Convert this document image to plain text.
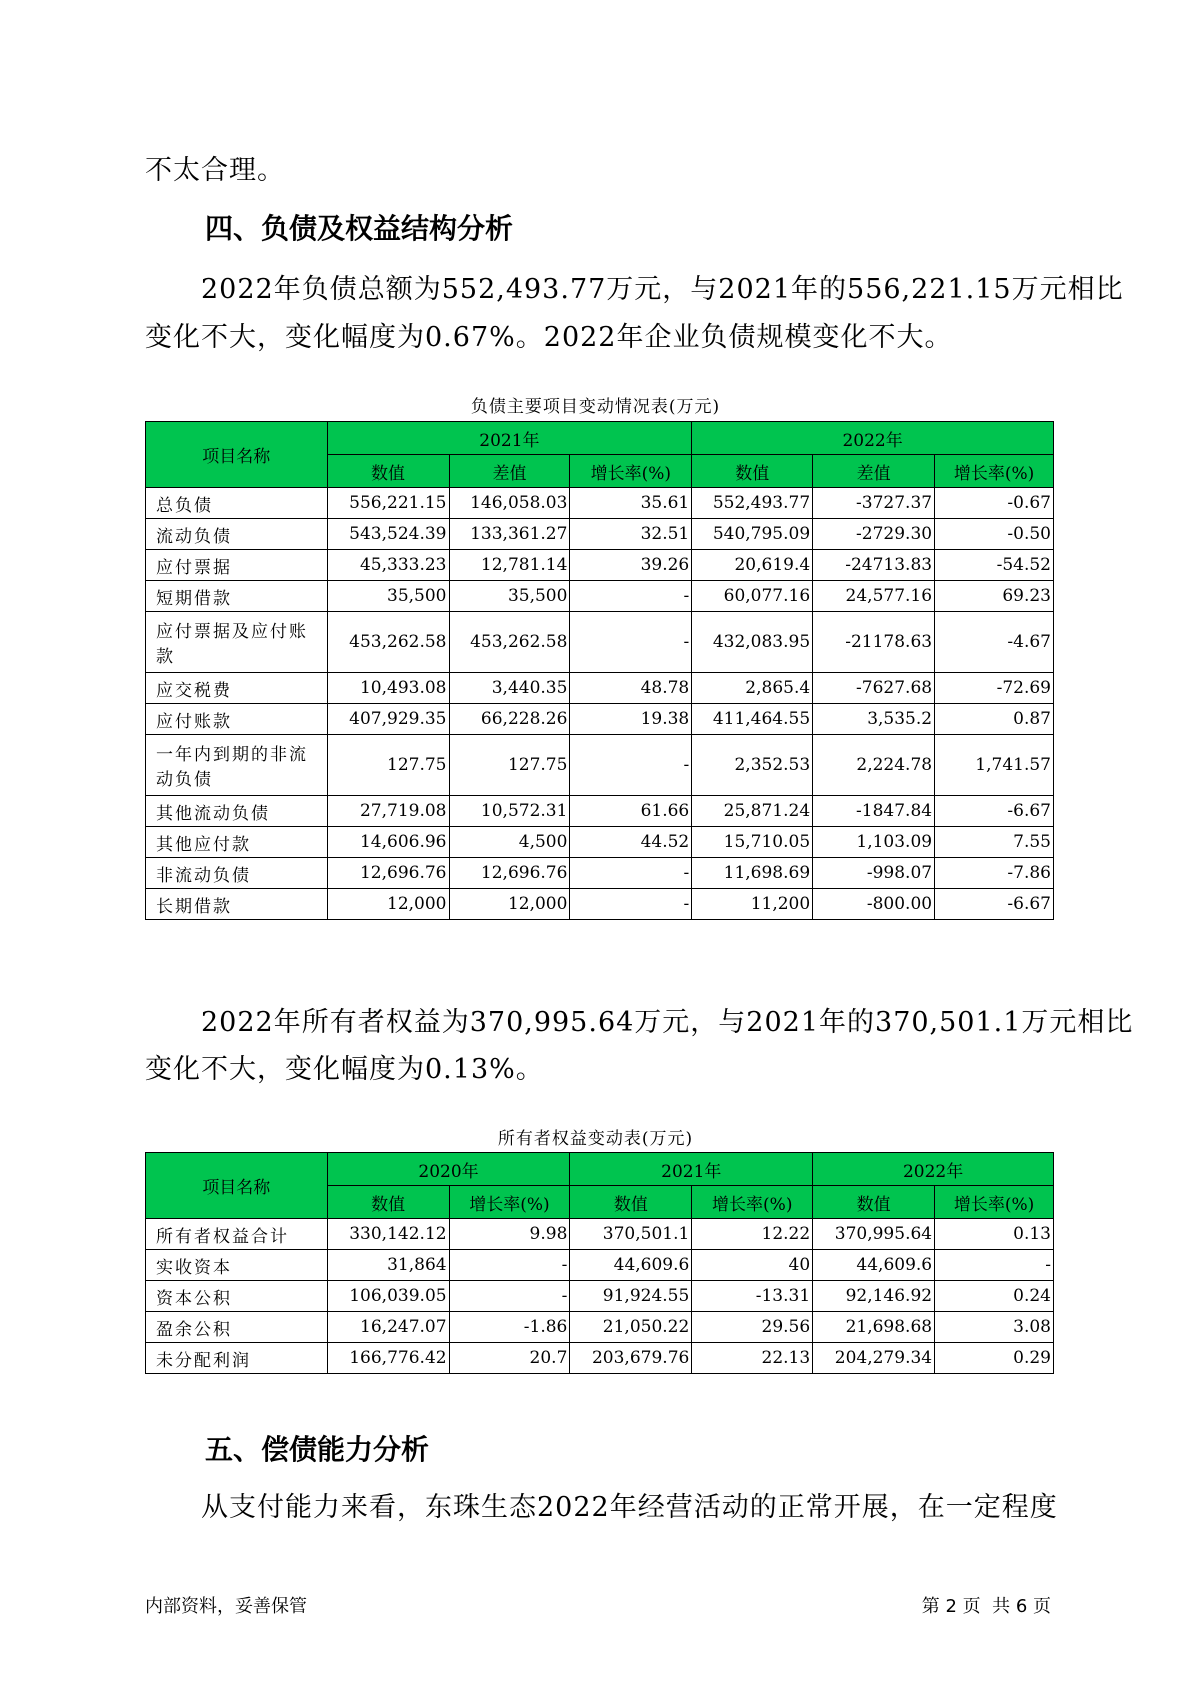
不太合理。
四、负债及权益结构分析
2022年负债总额为552,493.77万元，与2021年的556,221.15万元相比
变化不大，变化幅度为0.67%。2022年企业负债规模变化不大。
负债主要项目变动情况表(万元)
项目名称	2021年			2022年		
	数值	差值	增长率(%)	数值	差值	增长率(%)
总负债	556,221.15	146,058.03	35.61	552,493.77	-3727.37	-0.67
流动负债	543,524.39	133,361.27	32.51	540,795.09	-2729.30	-0.50
应付票据	45,333.23	12,781.14	39.26	20,619.4	-24713.83	-54.52
短期借款	35,500	35,500	-	60,077.16	24,577.16	69.23
应付票据及应付账款	453,262.58	453,262.58	-	432,083.95	-21178.63	-4.67
应交税费	10,493.08	3,440.35	48.78	2,865.4	-7627.68	-72.69
应付账款	407,929.35	66,228.26	19.38	411,464.55	3,535.2	0.87
一年内到期的非流动负债	127.75	127.75	-	2,352.53	2,224.78	1,741.57
其他流动负债	27,719.08	10,572.31	61.66	25,871.24	-1847.84	-6.67
其他应付款	14,606.96	4,500	44.52	15,710.05	1,103.09	7.55
非流动负债	12,696.76	12,696.76	-	11,698.69	-998.07	-7.86
长期借款	12,000	12,000	-	11,200	-800.00	-6.67
2022年所有者权益为370,995.64万元，与2021年的370,501.1万元相比
变化不大，变化幅度为0.13%。
所有者权益变动表(万元)
项目名称	2020年		2021年		2022年	
	数值	增长率(%)	数值	增长率(%)	数值	增长率(%)
所有者权益合计	330,142.12	9.98	370,501.1	12.22	370,995.64	0.13
实收资本	31,864	-	44,609.6	40	44,609.6	-
资本公积	106,039.05	-	91,924.55	-13.31	92,146.92	0.24
盈余公积	16,247.07	-1.86	21,050.22	29.56	21,698.68	3.08
未分配利润	166,776.42	20.7	203,679.76	22.13	204,279.34	0.29
五、偿债能力分析
从支付能力来看，东珠生态2022年经营活动的正常开展，在一定程度
内部资料，妥善保管	第 2 页  共 6 页
